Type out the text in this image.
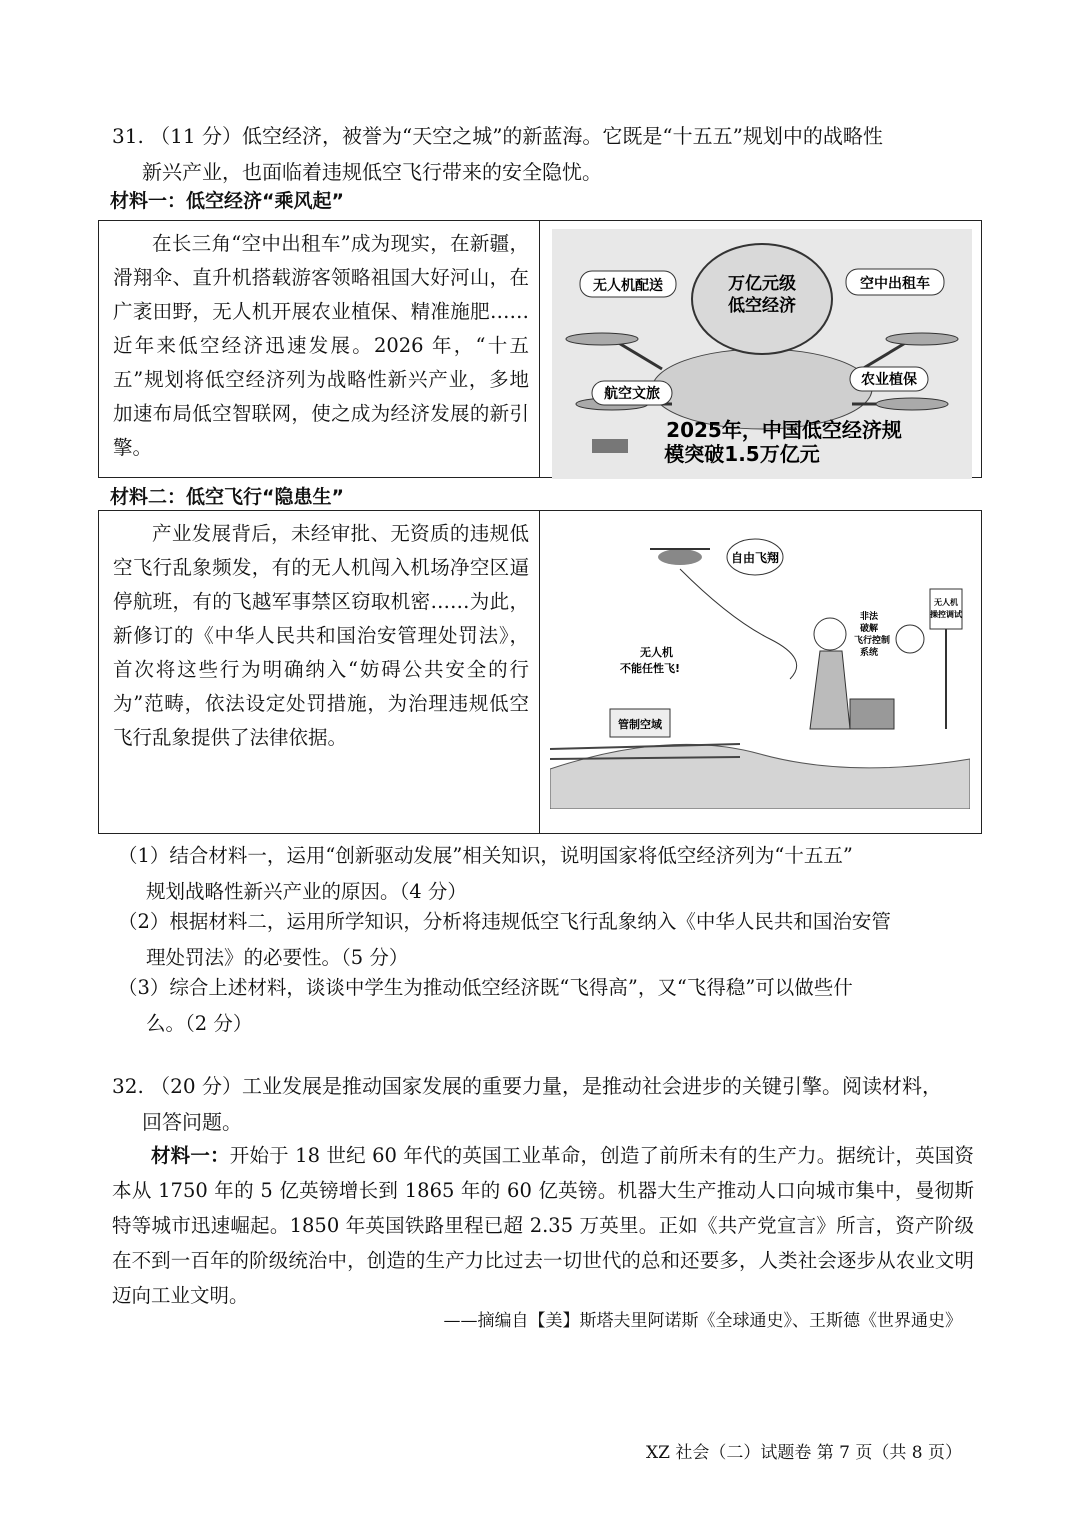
31. （11 分）低空经济，被誉为“天空之城”的新蓝海。它既是“十五五”规划中的战略性
新兴产业，也面临着违规低空飞行带来的安全隐忧。
材料一：低空经济“乘风起”
在长三角“空中出租车”成为现实，在新疆，滑翔伞、直升机搭载游客领略祖国大好河山，在广袤田野，无人机开展农业植保、精准施肥……近年来低空经济迅速发展。2026 年，“十五五”规划将低空经济列为战略性新兴产业，多地加速布局低空智联网，使之成为经济发展的新引擎。

万亿元级
低空经济
无人机配送	空中出租车
航空文旅
农业植保
2025年，中国低空经济规
模突破1.5万亿元
材料二：低空飞行“隐患生”
产业发展背后，未经审批、无资质的违规低空飞行乱象频发，有的无人机闯入机场净空区逼停航班，有的飞越军事禁区窃取机密……为此，新修订的《中华人民共和国治安管理处罚法》，首次将这些行为明确纳入“妨碍公共安全的行为”范畴，依法设定处罚措施，为治理违规低空飞行乱象提供了法律依据。

自由飞翔
无人机
不能任性飞!
管制空域
非法
破解
飞行控制
系统
无人机
操控调试
（1）结合材料一，运用“创新驱动发展”相关知识，说明国家将低空经济列为“十五五”
规划战略性新兴产业的原因。（4 分）
（2）根据材料二，运用所学知识，分析将违规低空飞行乱象纳入《中华人民共和国治安管
理处罚法》的必要性。（5 分）
（3）综合上述材料，谈谈中学生为推动低空经济既“飞得高”，又“飞得稳”可以做些什
么。（2 分）
32. （20 分）工业发展是推动国家发展的重要力量，是推动社会进步的关键引擎。阅读材料，
回答问题。
材料一：开始于 18 世纪 60 年代的英国工业革命，创造了前所未有的生产力。据统计，英国资本从 1750 年的 5 亿英镑增长到 1865 年的 60 亿英镑。机器大生产推动人口向城市集中，曼彻斯特等城市迅速崛起。1850 年英国铁路里程已超 2.35 万英里。正如《共产党宣言》所言，资产阶级在不到一百年的阶级统治中，创造的生产力比过去一切世代的总和还要多，人类社会逐步从农业文明迈向工业文明。
——摘编自【美】斯塔夫里阿诺斯《全球通史》、王斯德《世界通史》
XZ 社会（二）试题卷 第 7 页（共 8 页）
